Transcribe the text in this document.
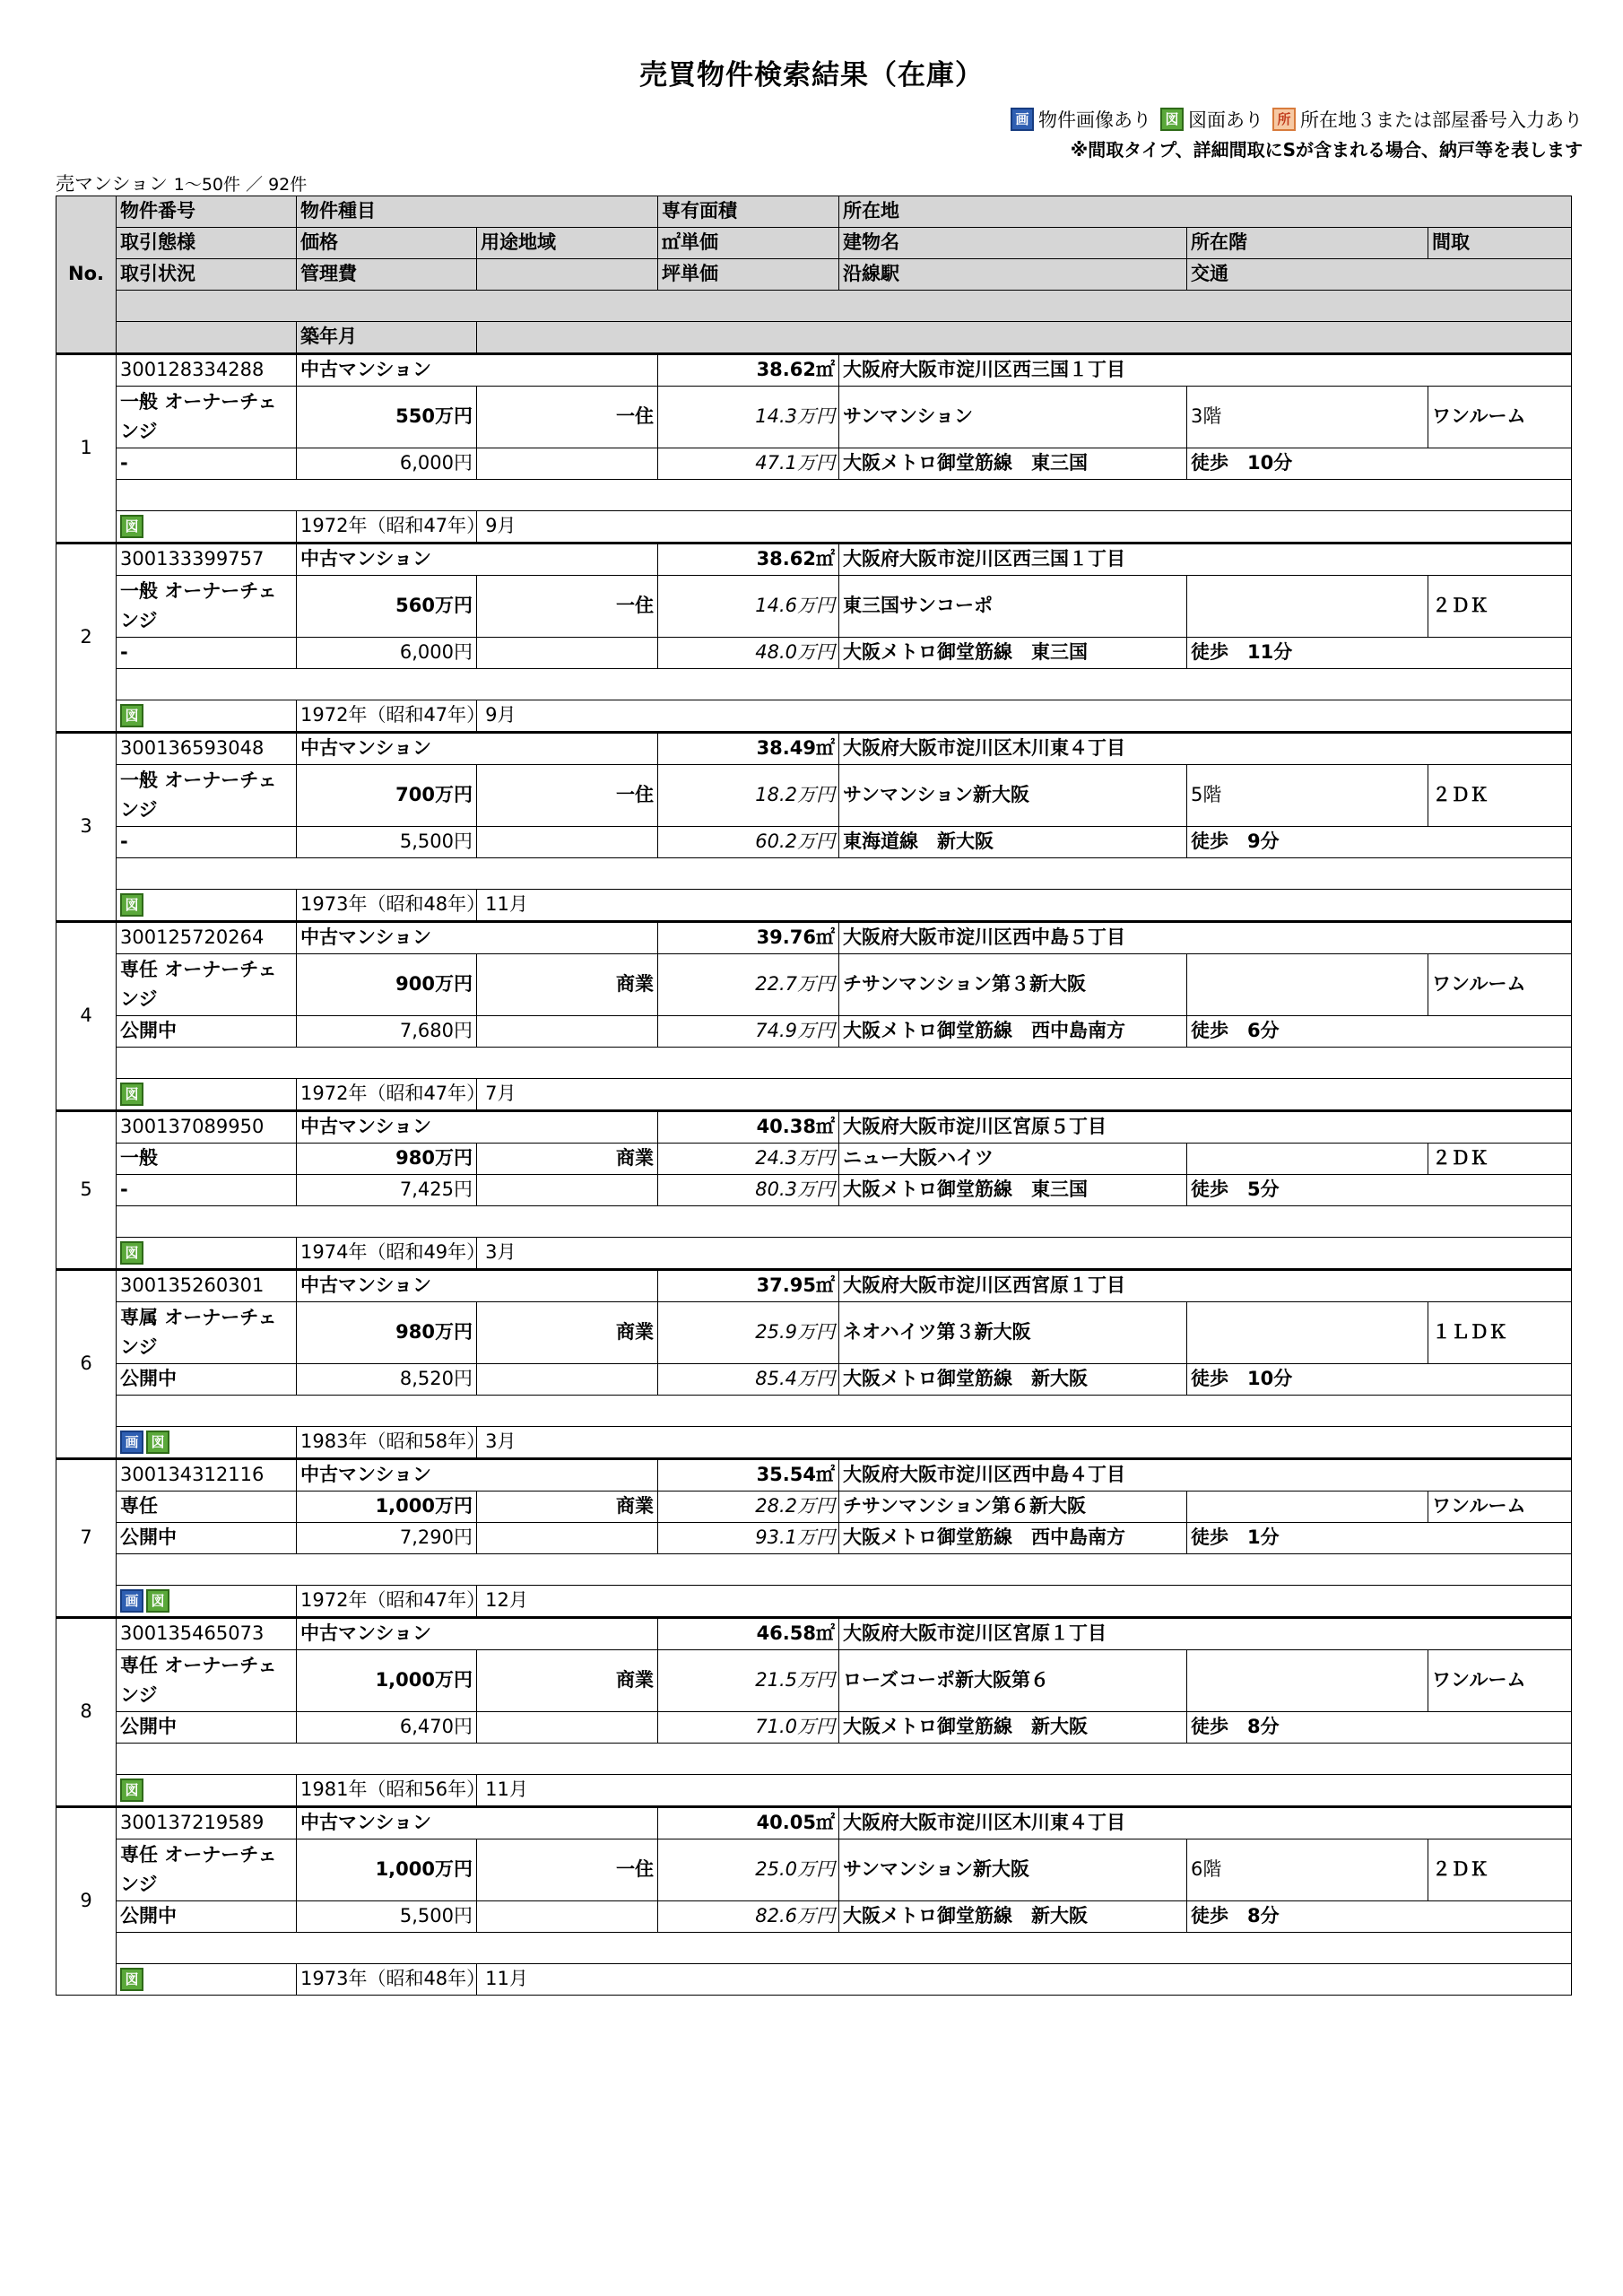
売買物件検索結果（在庫）
画 物件画像あり	図 図面あり	所 所在地３または部屋番号入力あり
※間取タイプ、詳細間取にSが含まれる場合、納戸等を表します
売マンション 1〜50件 ／ 92件
No.	物件番号	物件種目		専有面積	所在地		
	取引態様	価格	用途地域	㎡単価	建物名	所在階	間取
	取引状況	管理費		坪単価	沿線駅	交通	

		築年月					
1	300128334288	中古マンション		38.62㎡	大阪府大阪市淀川区西三国１丁目		
	一般 オーナーチェンジ	550万円	一住	14.3万円	サンマンション	3階	ワンルーム
	-	6,000円		47.1万円	大阪メトロ御堂筋線　東三国	徒歩　10分	

図	1972年（昭和47年）9月					
2	300133399757	中古マンション		38.62㎡	大阪府大阪市淀川区西三国１丁目		
	一般 オーナーチェンジ	560万円	一住	14.6万円	東三国サンコーポ		２ＤＫ
	-	6,000円		48.0万円	大阪メトロ御堂筋線　東三国	徒歩　11分	

図	1972年（昭和47年）9月					
3	300136593048	中古マンション		38.49㎡	大阪府大阪市淀川区木川東４丁目		
	一般 オーナーチェンジ	700万円	一住	18.2万円	サンマンション新大阪	5階	２ＤＫ
	-	5,500円		60.2万円	東海道線　新大阪	徒歩　9分	

図	1973年（昭和48年）11月					
4	300125720264	中古マンション		39.76㎡	大阪府大阪市淀川区西中島５丁目		
	専任 オーナーチェンジ	900万円	商業	22.7万円	チサンマンション第３新大阪		ワンルーム
	公開中	7,680円		74.9万円	大阪メトロ御堂筋線　西中島南方	徒歩　6分	

図	1972年（昭和47年）7月					
5	300137089950	中古マンション		40.38㎡	大阪府大阪市淀川区宮原５丁目		
	一般	980万円	商業	24.3万円	ニュー大阪ハイツ		２ＤＫ
	-	7,425円		80.3万円	大阪メトロ御堂筋線　東三国	徒歩　5分	

図	1974年（昭和49年）3月					
6	300135260301	中古マンション		37.95㎡	大阪府大阪市淀川区西宮原１丁目		
	専属 オーナーチェンジ	980万円	商業	25.9万円	ネオハイツ第３新大阪		１ＬＤＫ
	公開中	8,520円		85.4万円	大阪メトロ御堂筋線　新大阪	徒歩　10分	

画 図	1983年（昭和58年）3月					
7	300134312116	中古マンション		35.54㎡	大阪府大阪市淀川区西中島４丁目		
	専任	1,000万円	商業	28.2万円	チサンマンション第６新大阪		ワンルーム
	公開中	7,290円		93.1万円	大阪メトロ御堂筋線　西中島南方	徒歩　1分	

画 図	1972年（昭和47年）12月					
8	300135465073	中古マンション		46.58㎡	大阪府大阪市淀川区宮原１丁目		
	専任 オーナーチェンジ	1,000万円	商業	21.5万円	ローズコーポ新大阪第６		ワンルーム
	公開中	6,470円		71.0万円	大阪メトロ御堂筋線　新大阪	徒歩　8分	

図	1981年（昭和56年）11月					
9	300137219589	中古マンション		40.05㎡	大阪府大阪市淀川区木川東４丁目		
	専任 オーナーチェンジ	1,000万円	一住	25.0万円	サンマンション新大阪	6階	２ＤＫ
	公開中	5,500円		82.6万円	大阪メトロ御堂筋線　新大阪	徒歩　8分	

図	1973年（昭和48年）11月					
